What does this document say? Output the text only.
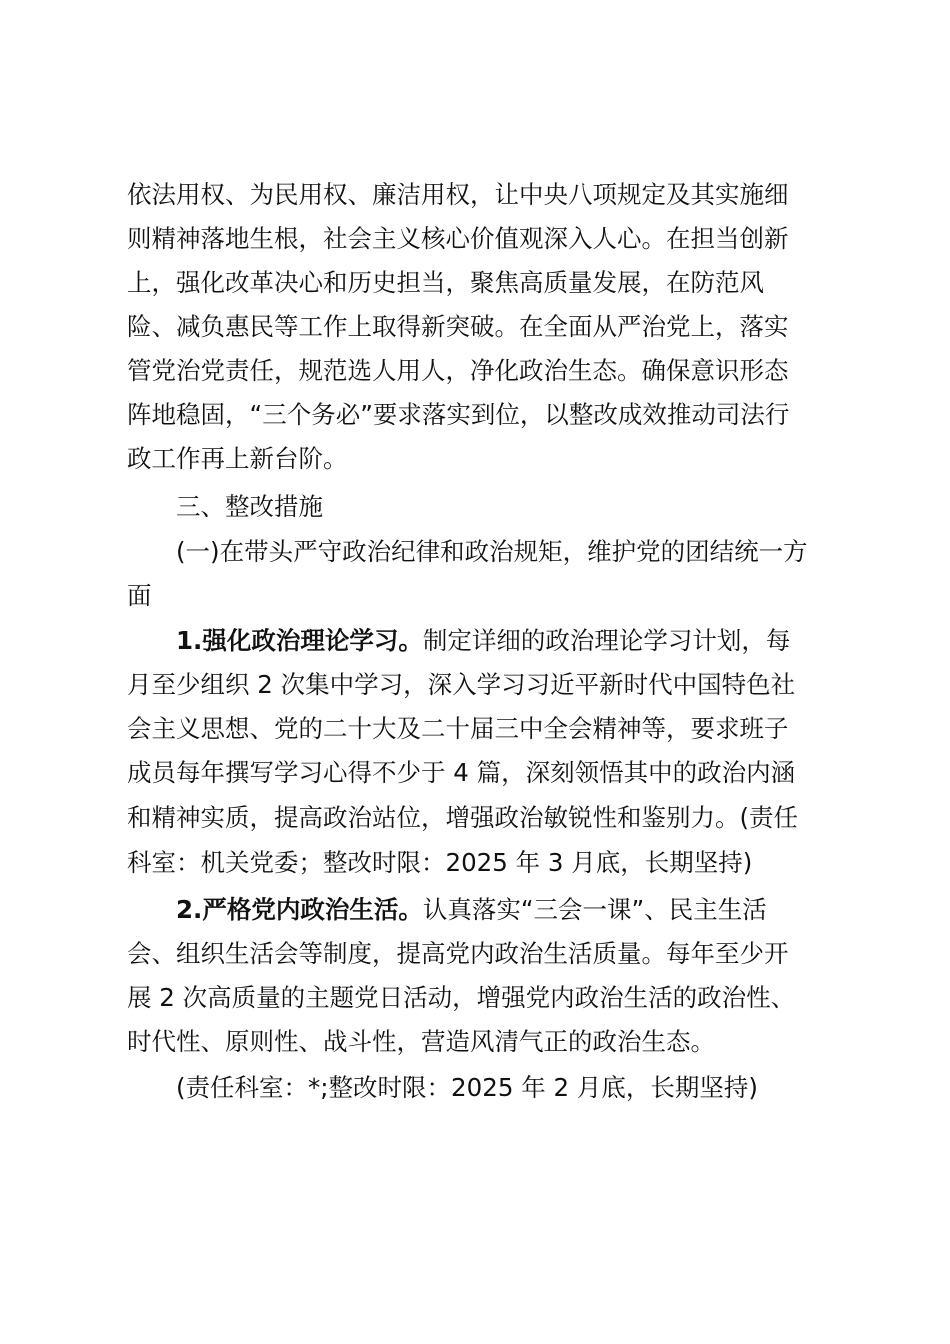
依法用权、为民用权、廉洁用权，让中央八项规定及其实施细
则精神落地生根，社会主义核心价值观深入人心。在担当创新
上，强化改革决心和历史担当，聚焦高质量发展，在防范风
险、减负惠民等工作上取得新突破。在全面从严治党上，落实
管党治党责任，规范选人用人，净化政治生态。确保意识形态
阵地稳固，“三个务必”要求落实到位，以整改成效推动司法行
政工作再上新台阶。
三、整改措施
(一)在带头严守政治纪律和政治规矩，维护党的团结统一方
面
1.强化政治理论学习。制定详细的政治理论学习计划，每
月至少组织 2 次集中学习，深入学习习近平新时代中国特色社
会主义思想、党的二十大及二十届三中全会精神等，要求班子
成员每年撰写学习心得不少于 4 篇，深刻领悟其中的政治内涵
和精神实质，提高政治站位，增强政治敏锐性和鉴别力。(责任
科室：机关党委；整改时限：2025 年 3 月底，长期坚持)
2.严格党内政治生活。认真落实“三会一课”、民主生活
会、组织生活会等制度，提高党内政治生活质量。每年至少开
展 2 次高质量的主题党日活动，增强党内政治生活的政治性、
时代性、原则性、战斗性，营造风清气正的政治生态。
(责任科室：*;整改时限：2025 年 2 月底，长期坚持)
